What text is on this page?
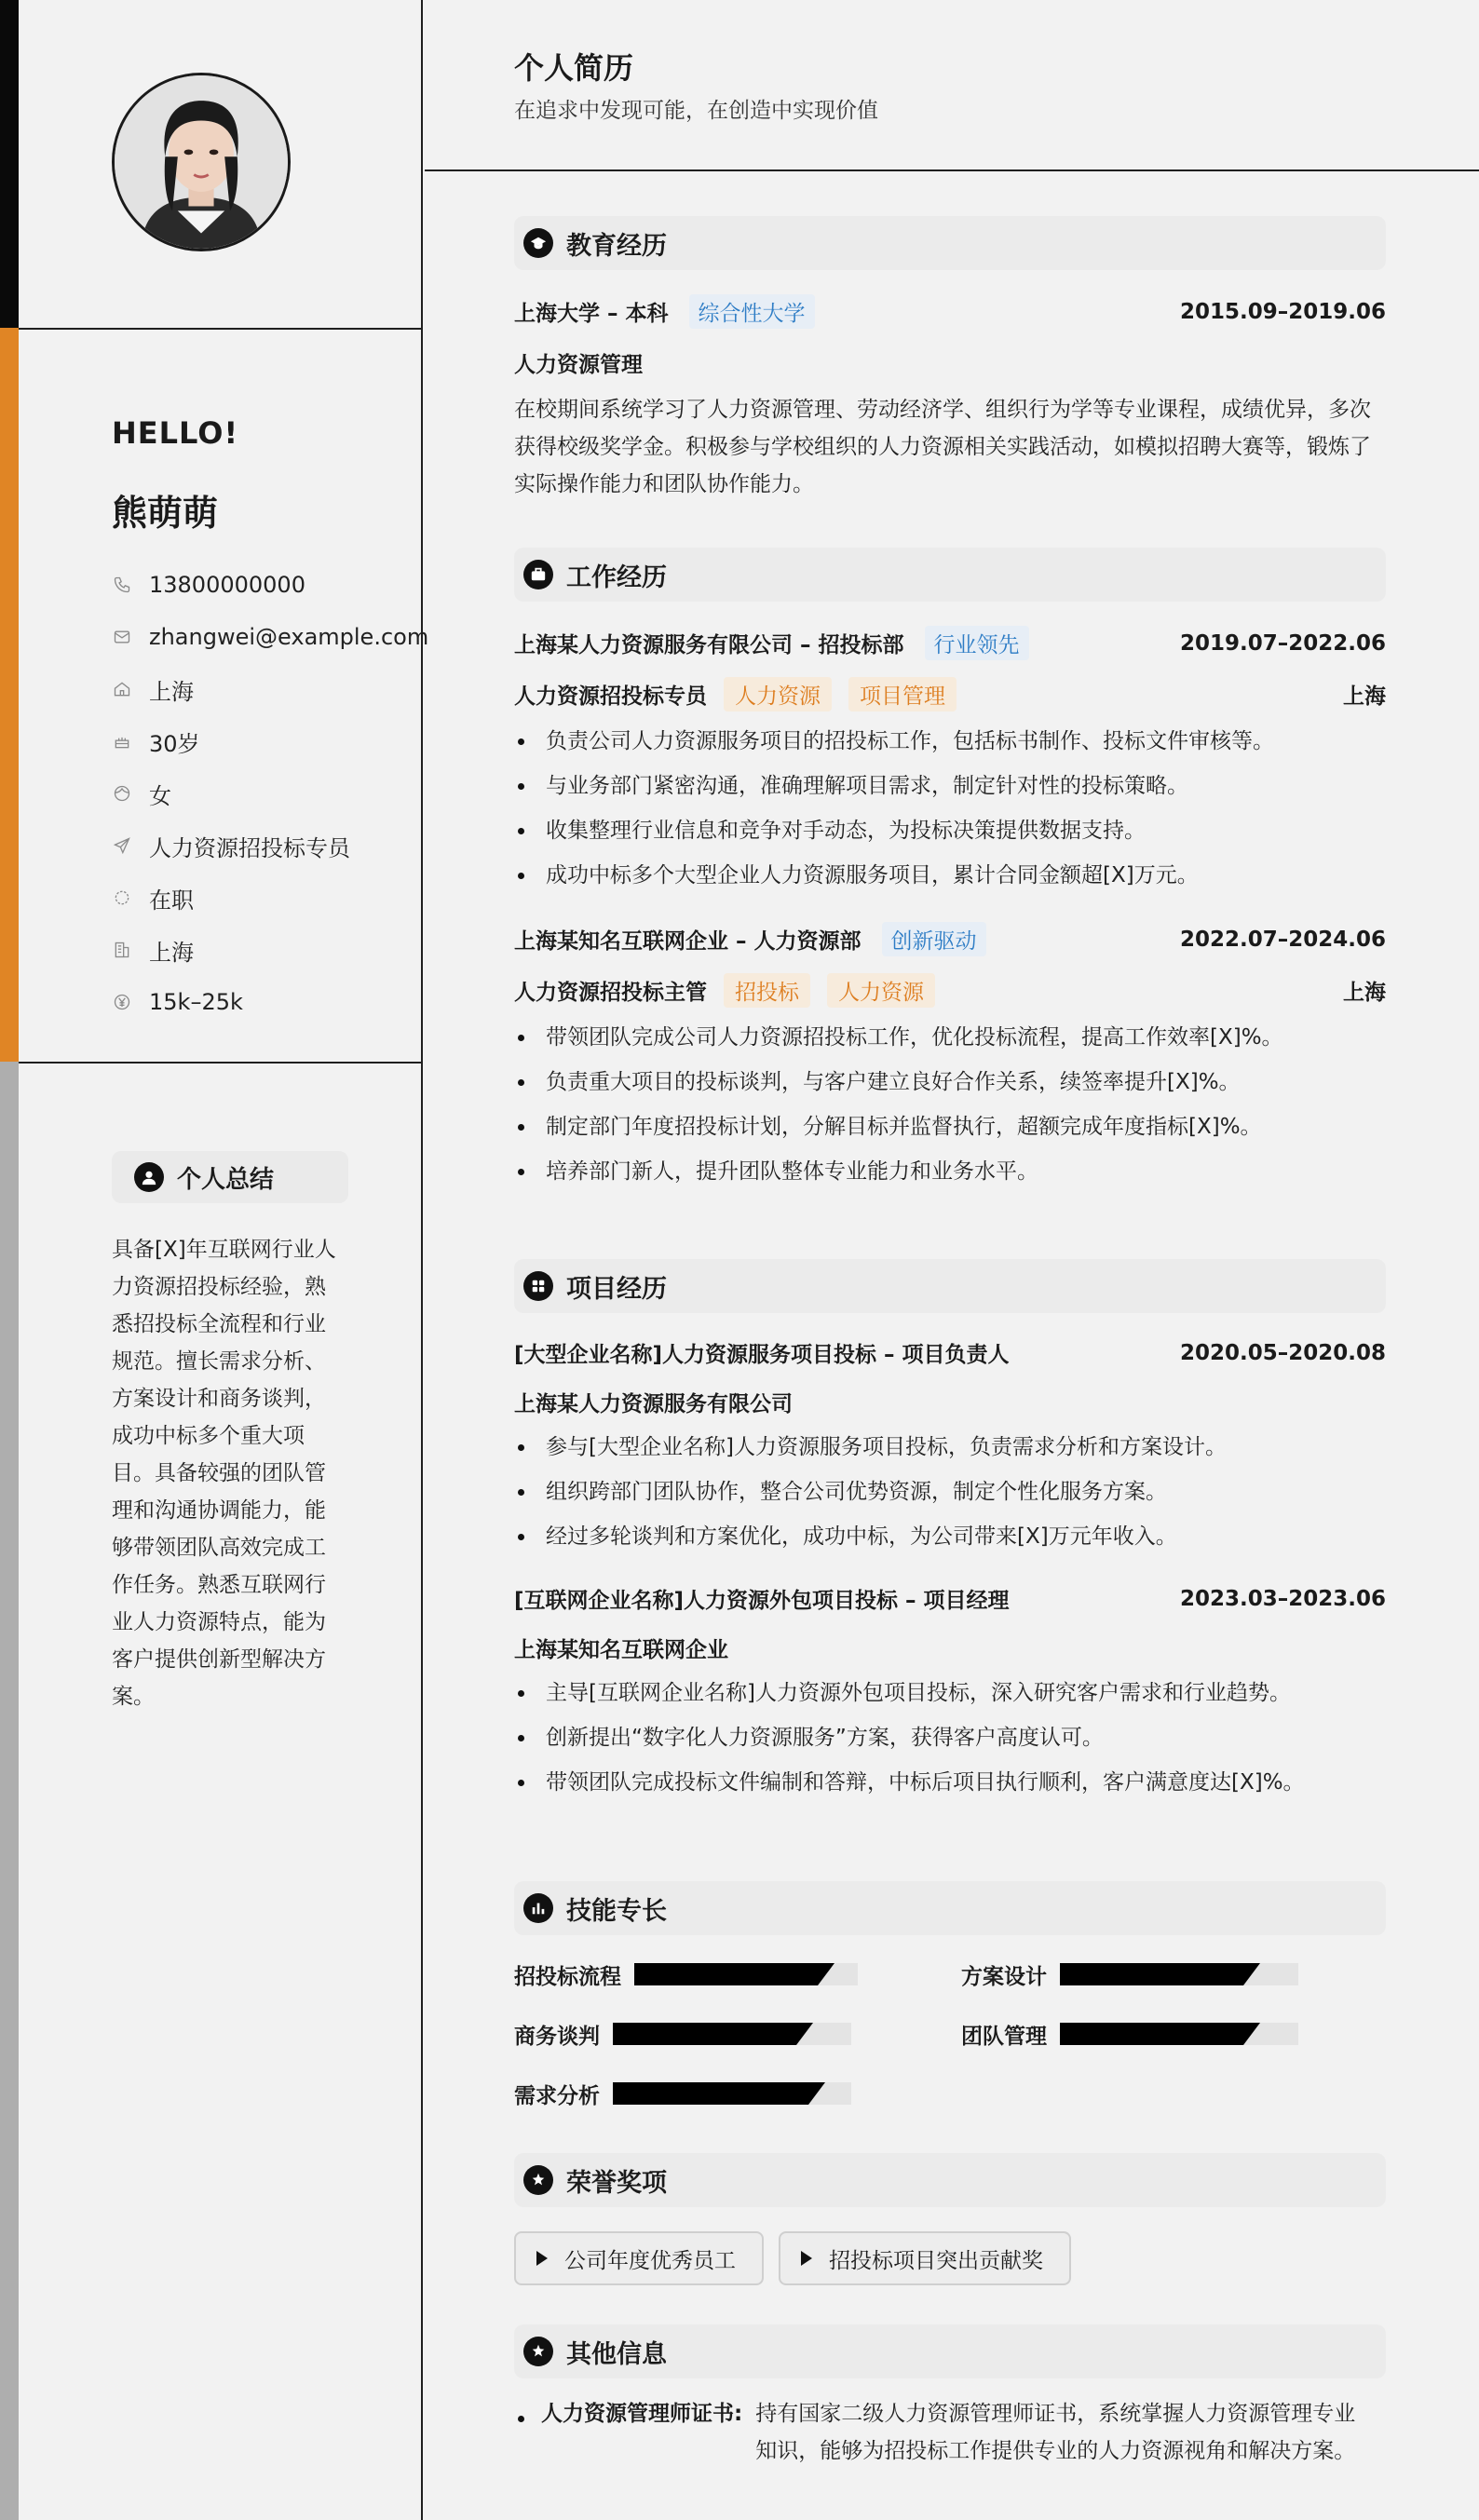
HELLO!
熊萌萌
13800000000
zhangwei@example.com
上海
30岁
女
人力资源招投标专员
在职
上海
15k–25k
个人总结
具备[X]年互联网行业人力资源招投标经验，熟悉招投标全流程和行业规范。擅长需求分析、方案设计和商务谈判，成功中标多个重大项目。具备较强的团队管理和沟通协调能力，能够带领团队高效完成工作任务。熟悉互联网行业人力资源特点，能为客户提供创新型解决方案。
个人简历
在追求中发现可能，在创造中实现价值
教育经历
上海大学 – 本科	综合性大学	2015.09–2019.06
人力资源管理
在校期间系统学习了人力资源管理、劳动经济学、组织行为学等专业课程，成绩优异，多次获得校级奖学金。积极参与学校组织的人力资源相关实践活动，如模拟招聘大赛等，锻炼了实际操作能力和团队协作能力。
工作经历
上海某人力资源服务有限公司 – 招投标部	行业领先	2019.07–2022.06
人力资源招投标专员	人力资源	项目管理	上海
负责公司人力资源服务项目的招投标工作，包括标书制作、投标文件审核等。
与业务部门紧密沟通，准确理解项目需求，制定针对性的投标策略。
收集整理行业信息和竞争对手动态，为投标决策提供数据支持。
成功中标多个大型企业人力资源服务项目，累计合同金额超[X]万元。
上海某知名互联网企业 – 人力资源部	创新驱动	2022.07–2024.06
人力资源招投标主管	招投标	人力资源	上海
带领团队完成公司人力资源招投标工作，优化投标流程，提高工作效率[X]%。
负责重大项目的投标谈判，与客户建立良好合作关系，续签率提升[X]%。
制定部门年度招投标计划，分解目标并监督执行，超额完成年度指标[X]%。
培养部门新人，提升团队整体专业能力和业务水平。
项目经历
[大型企业名称]人力资源服务项目投标 – 项目负责人	2020.05–2020.08
上海某人力资源服务有限公司
参与[大型企业名称]人力资源服务项目投标，负责需求分析和方案设计。
组织跨部门团队协作，整合公司优势资源，制定个性化服务方案。
经过多轮谈判和方案优化，成功中标，为公司带来[X]万元年收入。
[互联网企业名称]人力资源外包项目投标 – 项目经理	2023.03–2023.06
上海某知名互联网企业
主导[互联网企业名称]人力资源外包项目投标，深入研究客户需求和行业趋势。
创新提出“数字化人力资源服务”方案，获得客户高度认可。
带领团队完成投标文件编制和答辩，中标后项目执行顺利，客户满意度达[X]%。
技能专长
招投标流程	方案设计
商务谈判	团队管理
需求分析
荣誉奖项
公司年度优秀员工	招投标项目突出贡献奖
其他信息
人力资源管理师证书: 持有国家二级人力资源管理师证书，系统掌握人力资源管理专业知识，能够为招投标工作提供专业的人力资源视角和解决方案。
